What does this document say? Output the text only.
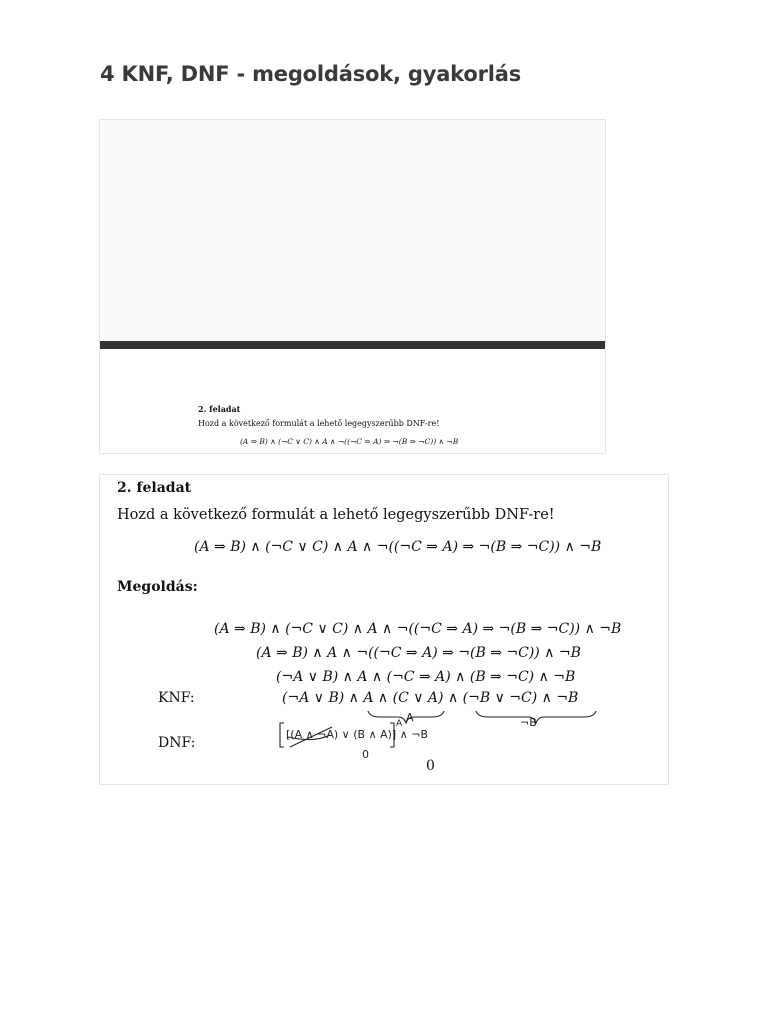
4 KNF, DNF - megoldások, gyakorlás
2. feladat
Hozd a következő formulát a lehető legegyszerűbb DNF-re!
(A ⇒ B) ∧ (¬C ∨ C) ∧ A ∧ ¬((¬C ⇒ A) ⇒ ¬(B ⇒ ¬C)) ∧ ¬B
2. feladat
Hozd a következő formulát a lehető legegyszerűbb DNF-re!
(A ⇒ B) ∧ (¬C ∨ C) ∧ A ∧ ¬((¬C ⇒ A) ⇒ ¬(B ⇒ ¬C)) ∧ ¬B
Megoldás:
(A ⇒ B) ∧ (¬C ∨ C) ∧ A ∧ ¬((¬C ⇒ A) ⇒ ¬(B ⇒ ¬C)) ∧ ¬B
(A ⇒ B) ∧ A ∧ ¬((¬C ⇒ A) ⇒ ¬(B ⇒ ¬C)) ∧ ¬B
(¬A ∨ B) ∧ A ∧ (¬C ⇒ A) ∧ (B ⇒ ¬C) ∧ ¬B
KNF:	(¬A ∨ B) ∧ A ∧ (C ∨ A) ∧ (¬B ∨ ¬C) ∧ ¬B
A	¬B
DNF:
[(A ∧ ¬A) ∨ (B ∧ A)] ∧ ¬B
A
0
0
